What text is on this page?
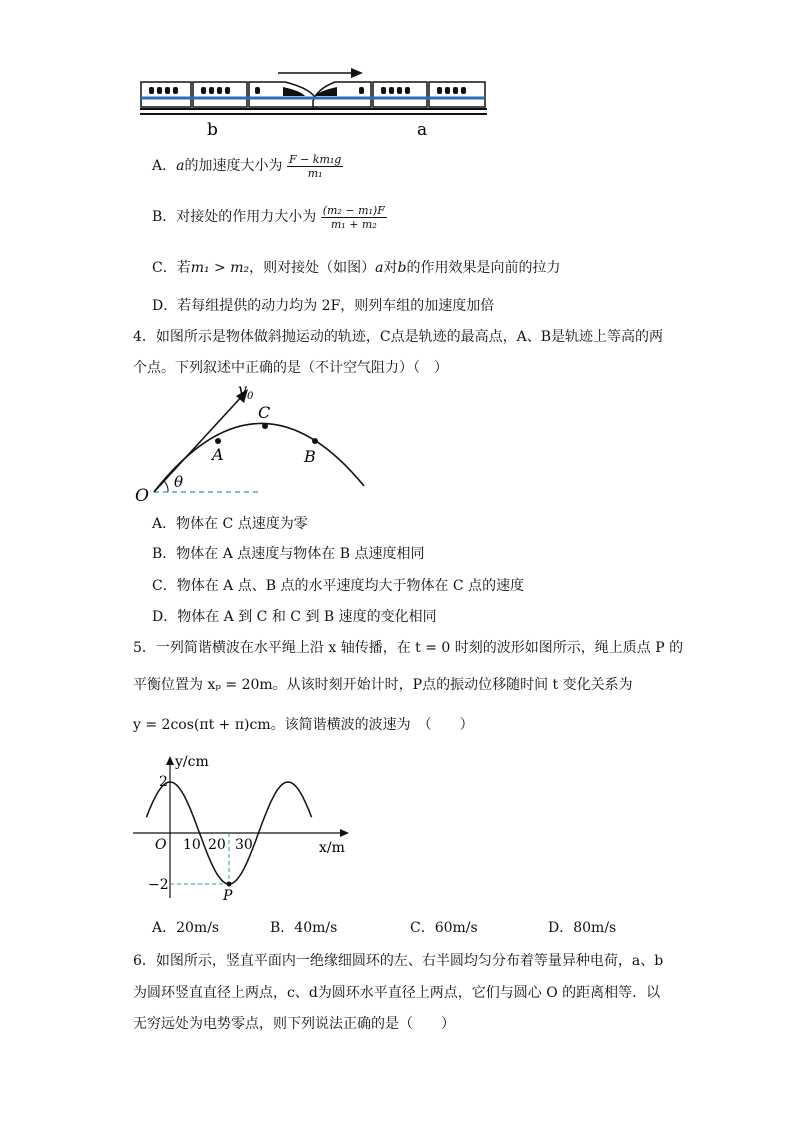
b	a
A．a的加速度大小为 $\frac{\text{F − km₁g}}{\text{m₁}}$
B．对接处的作用力大小为 $\frac{\text{(m₂ − m₁)F}}{\text{m₁ + m₂}}$
C．若m₁ > m₂，则对接处（如图）a对b的作用效果是向前的拉力
D．若每组提供的动力均为 2F，则列车组的加速度加倍
4．如图所示是物体做斜抛运动的轨迹，C点是轨迹的最高点，A、B是轨迹上等高的两
个点。下列叙述中正确的是（不计空气阻力）（　）
$v_0$
A
C
B
O
θ
A．物体在 C 点速度为零
B．物体在 A 点速度与物体在 B 点速度相同
C．物体在 A 点、B 点的水平速度均大于物体在 C 点的速度
D．物体在 A 到 C 和 C 到 B 速度的变化相同
5．一列简谐横波在水平绳上沿 x 轴传播，在 t = 0 时刻的波形如图所示，绳上质点 P 的
平衡位置为 xₚ = 20m。从该时刻开始计时，P点的振动位移随时间 t 变化关系为
y = 2cos(πt + π)cm。该简谐横波的波速为　（　　）
y/cm
x/m
O
2
−2
10 20 30
P
A．20m/s	B．40m/s	C．60m/s	D．80m/s
6．如图所示，竖直平面内一绝缘细圆环的左、右半圆均匀分布着等量异种电荷，a、b
为圆环竖直直径上两点，c、d为圆环水平直径上两点，它们与圆心 O 的距离相等．以
无穷远处为电势零点，则下列说法正确的是（　　）
